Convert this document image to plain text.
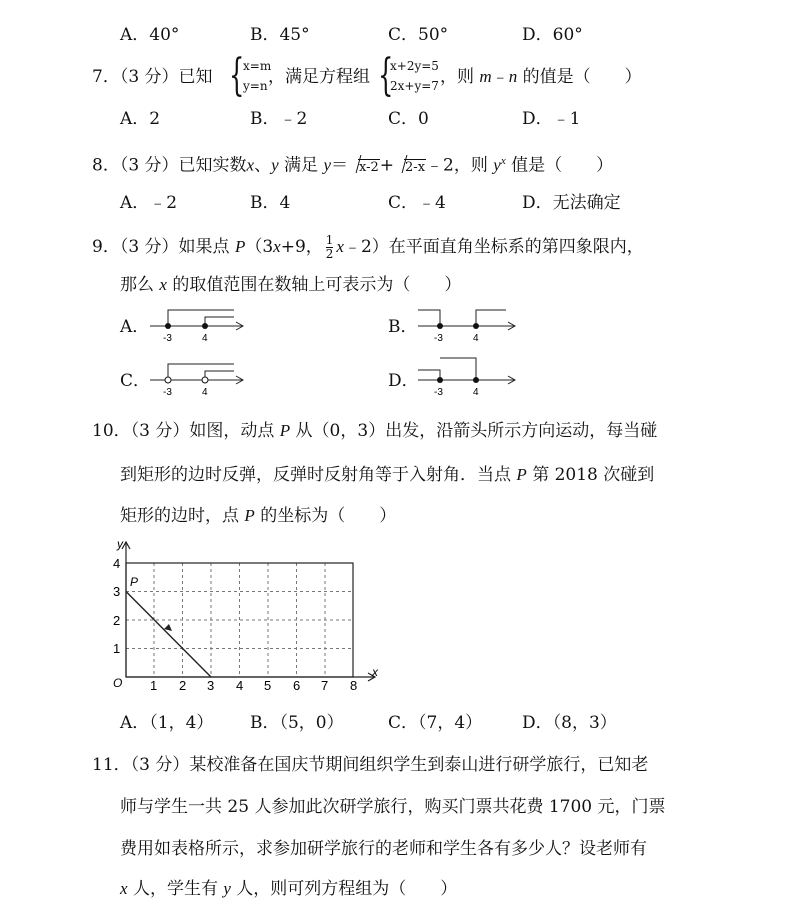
A．40°	B．45°	C．50°	D．60°
7．（3 分）已知 {
x=m
y=n ，满足方程组 {
x+2y=5
2x+y=7 ，则 m﹣n 的值是（　　）
A．2	B．﹣2	C．0	D．﹣1
8．（3 分）已知实数x、y 满足 y＝ x-2+ 2-x﹣2，则 $y^x$ 值是（　　）
A．﹣2	B．4	C．﹣4	D．无法确定
9．（3 分）如果点 P（3x+9， $\frac{1}{2}$ x﹣2）在平面直角坐标系的第四象限内，
那么 x 的取值范围在数轴上可表示为（　　）
A．
-3	4
B．
-3	4
C．
-3	4
D．
-3	4
10．（3 分）如图，动点 P 从（0，3）出发，沿箭头所示方向运动，每当碰
到矩形的边时反弹，反弹时反射角等于入射角．当点 P 第 2018 次碰到
矩形的边时，点 P 的坐标为（　　）
y
x
O
P
1 2 3 4 5 6 7 8
1
2
3
4
A．（1，4） B．（5，0）	C．（7，4） D．（8，3）
11．（3 分）某校准备在国庆节期间组织学生到泰山进行研学旅行，已知老
师与学生一共 25 人参加此次研学旅行，购买门票共花费 1700 元，门票
费用如表格所示，求参加研学旅行的老师和学生各有多少人？设老师有
x 人，学生有 y 人，则可列方程组为（　　）
